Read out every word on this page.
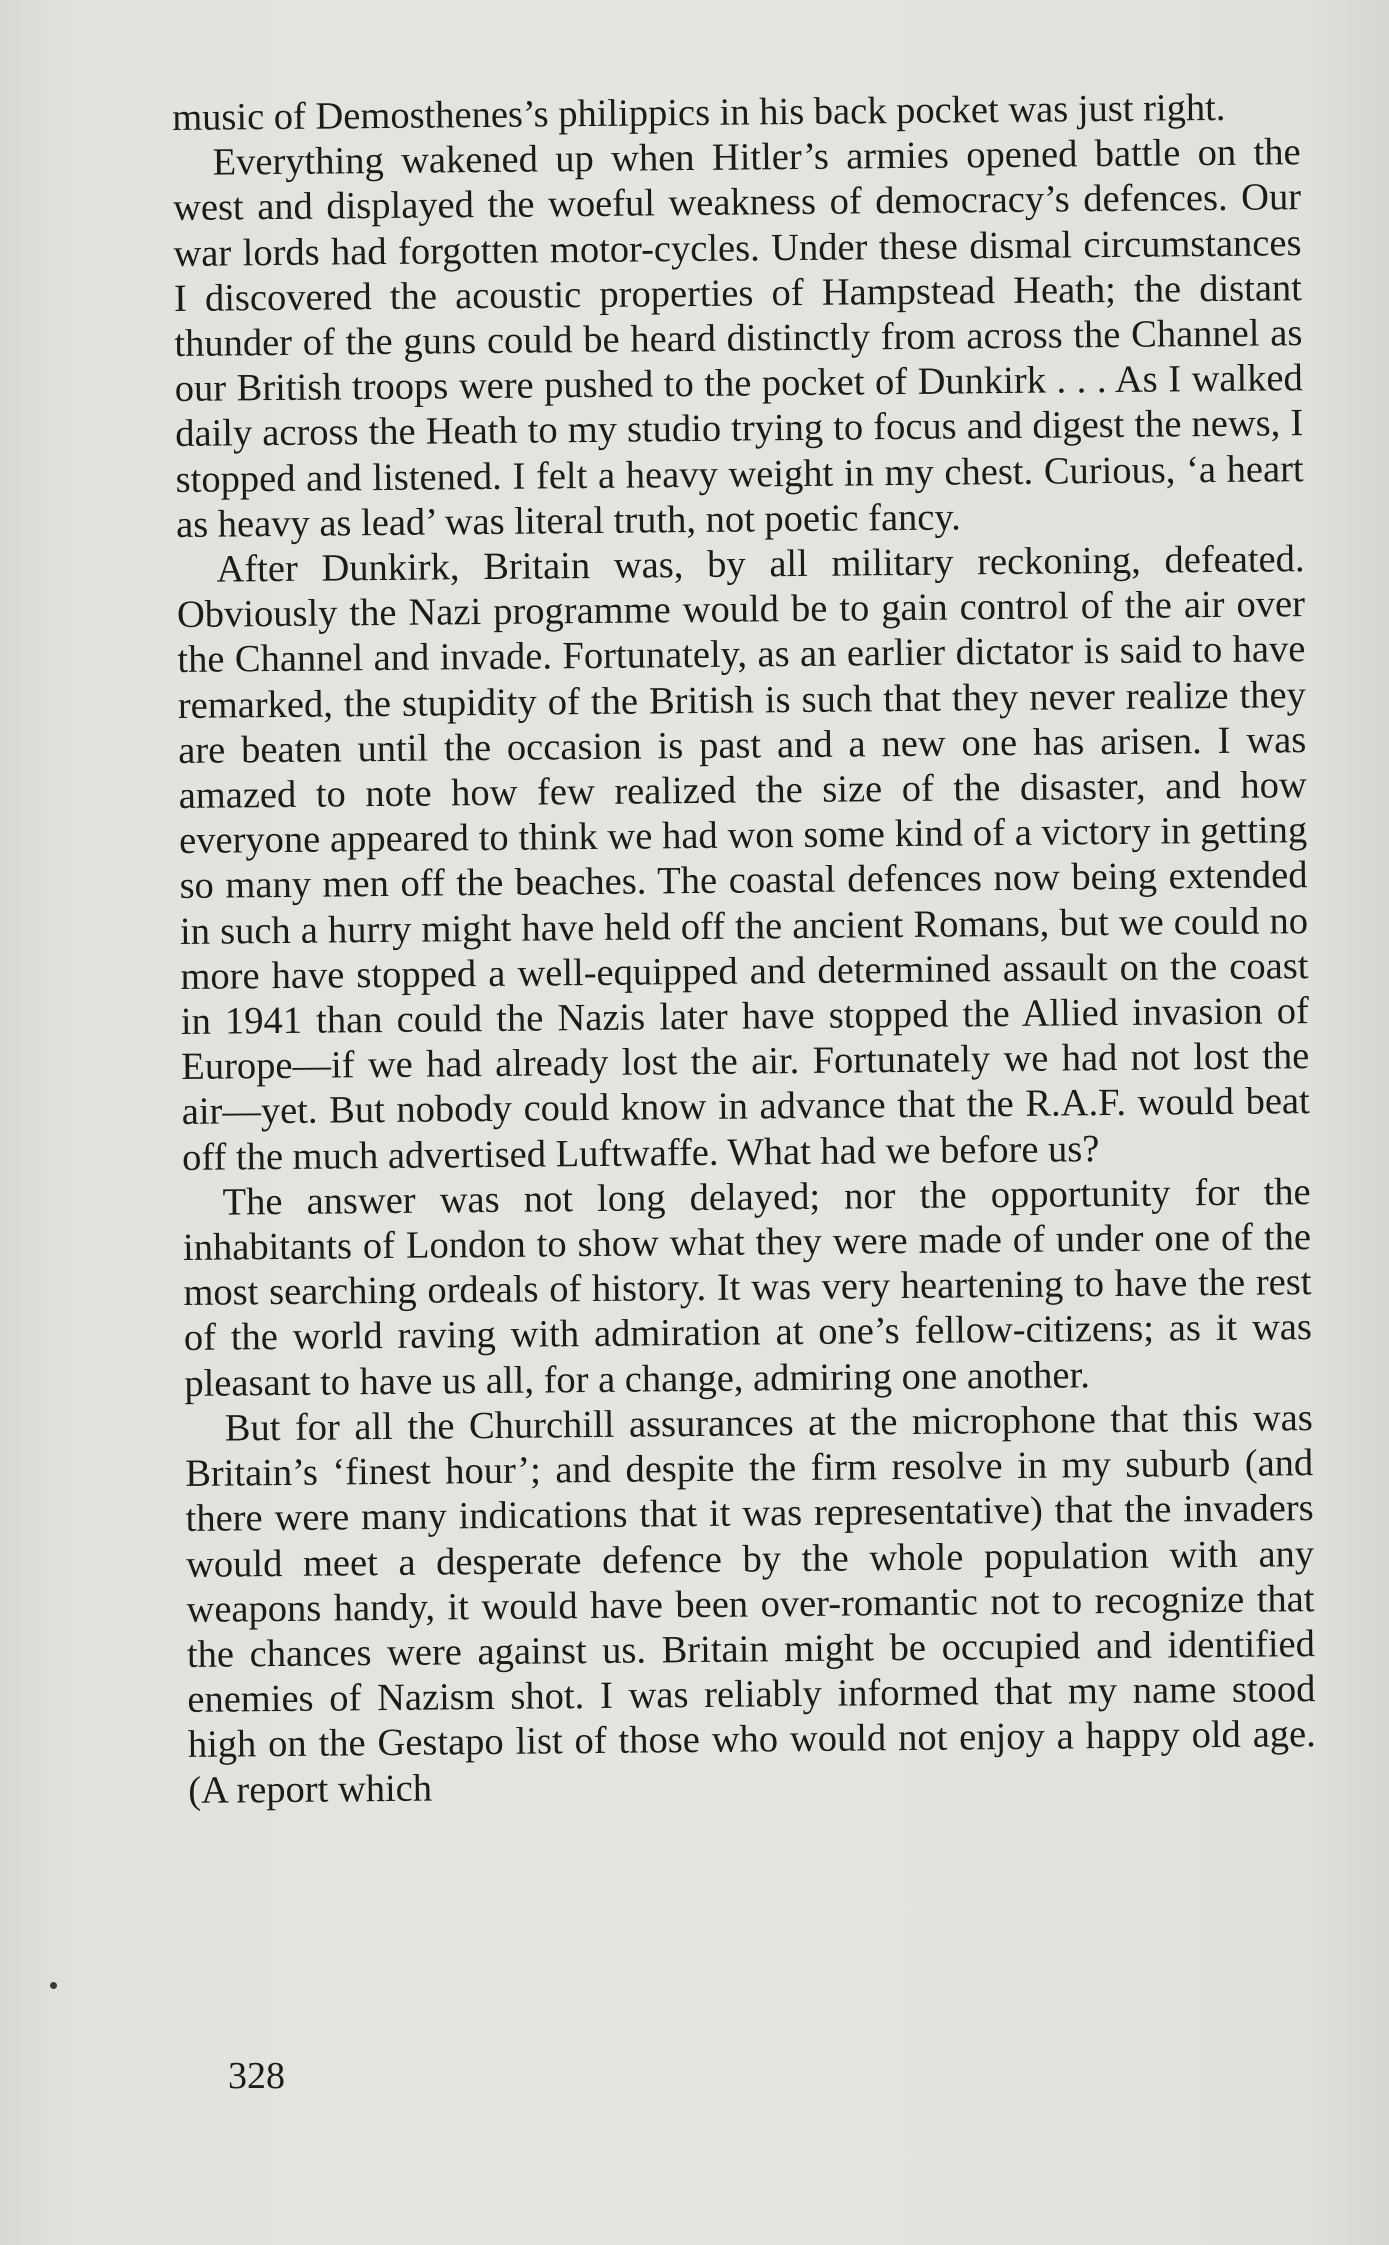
music of Demosthenes’s philippics in his back pocket was just right.

Everything wakened up when Hitler’s armies opened battle on the west and displayed the woeful weakness of democracy’s defences. Our war lords had forgotten motor-cycles. Under these dismal circumstances I discovered the acoustic properties of Hampstead Heath; the distant thunder of the guns could be heard distinctly from across the Channel as our British troops were pushed to the pocket of Dunkirk . . . As I walked daily across the Heath to my studio trying to focus and digest the news, I stopped and listened. I felt a heavy weight in my chest. Curious, ‘a heart as heavy as lead’ was literal truth, not poetic fancy.

After Dunkirk, Britain was, by all military reckoning, defeated. Obviously the Nazi programme would be to gain control of the air over the Channel and invade. Fortunately, as an earlier dictator is said to have remarked, the stupidity of the British is such that they never realize they are beaten until the occasion is past and a new one has arisen. I was amazed to note how few realized the size of the disaster, and how everyone appeared to think we had won some kind of a victory in getting so many men off the beaches. The coastal defences now being extended in such a hurry might have held off the ancient Romans, but we could no more have stopped a well-equipped and determined assault on the coast in 1941 than could the Nazis later have stopped the Allied invasion of Europe—if we had already lost the air. Fortunately we had not lost the air—yet. But nobody could know in advance that the R.A.F. would beat off the much advertised Luftwaffe. What had we before us?

The answer was not long delayed; nor the opportunity for the inhabitants of London to show what they were made of under one of the most searching ordeals of history. It was very heartening to have the rest of the world raving with admiration at one’s fellow-citizens; as it was pleasant to have us all, for a change, admiring one another.

But for all the Churchill assurances at the microphone that this was Britain’s ‘finest hour’; and despite the firm resolve in my suburb (and there were many indications that it was representative) that the invaders would meet a desperate defence by the whole population with any weapons handy, it would have been over-romantic not to recognize that the chances were against us. Britain might be occupied and identified enemies of Nazism shot. I was reliably informed that my name stood high on the Gestapo list of those who would not enjoy a happy old age. (A report which

328
